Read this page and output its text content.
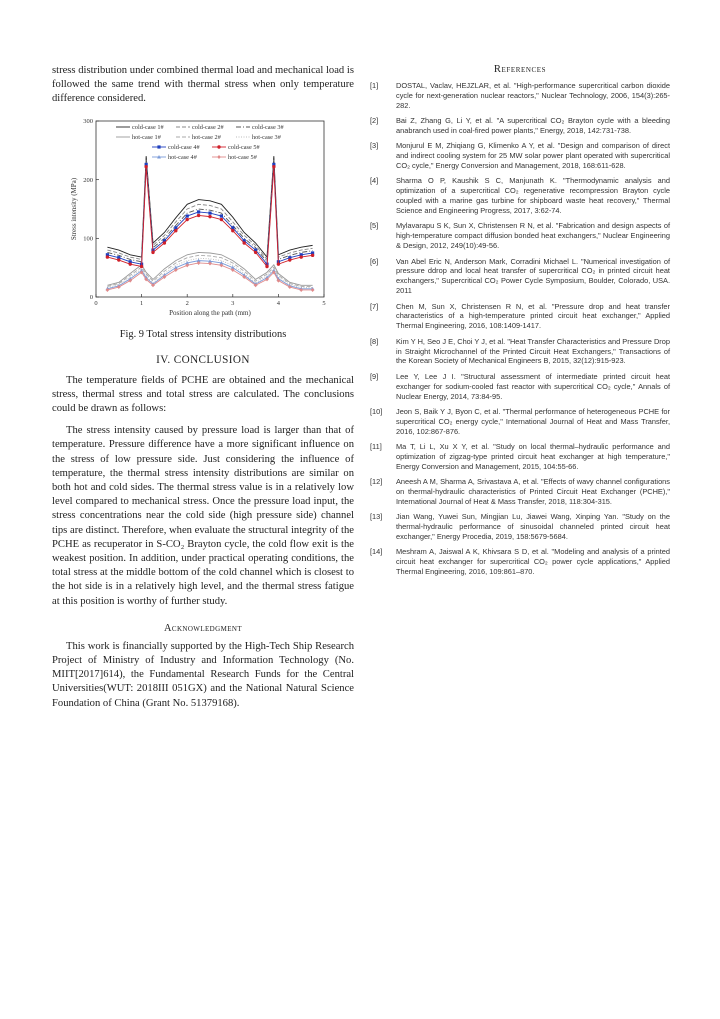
stress distribution under combined thermal load and mechanical load is followed the same trend with thermal stress when only temperature difference considered.

0
100
200
300
0	1	2	3	4	5
Position along the path (mm)
Stress intensity (MPa)
cold-case 1#	cold-case 2#	cold-case 3#
hot-case 1#	hot-case 2#	hot-case 3#
cold-case 4#	cold-case 5#
hot-case 4#	hot-case 5#

Fig. 9 Total stress intensity distributions

IV. CONCLUSION

The temperature fields of PCHE are obtained and the mechanical stress, thermal stress and total stress are calculated. The conclusions could be drawn as follows:

The stress intensity caused by pressure load is larger than that of temperature. Pressure difference have a more significant influence on the stress of low pressure side. Just considering the influence of temperature, the thermal stress intensity distributions are similar on both hot and cold sides. The thermal stress value is in a relatively low level compared to mechanical stress. Once the pressure load input, the stress concentrations near the cold side (high pressure side) channel tips are distinct. Therefore, when evaluate the structural integrity of the PCHE as recuperator in S-CO₂ Brayton cycle, the cold flow exit is the weakest position. In addition, under practical operating conditions, the total stress at the middle bottom of the cold channel which is closest to the hot side is in a relatively high level, and the thermal stress fatigue at this position is worthy of further study.

Acknowledgment

This work is financially supported by the High-Tech Ship Research Project of Ministry of Industry and Information Technology (No. MIIT[2017]614), the Fundamental Research Funds for the Central Universities(WUT: 2018III 051GX) and the National Natural Science Foundation of China (Grant No. 51379168).

References

[1] DOSTAL, Vaclav, HEJZLAR, et al. "High-performance supercritical carbon dioxide cycle for next-generation nuclear reactors," Nuclear Technology, 2006, 154(3):265-282.
[2] Bai Z, Zhang G, Li Y, et al. "A supercritical CO₂ Brayton cycle with a bleeding anabranch used in coal-fired power plants," Energy, 2018, 142:731-738.
[3] Monjurul E M, Zhiqiang G, Klimenko A Y, et al. "Design and comparison of direct and indirect cooling system for 25 MW solar power plant operated with supercritical CO₂ cycle," Energy Conversion and Management, 2018, 168:611-628.
[4] Sharma O P, Kaushik S C, Manjunath K. "Thermodynamic analysis and optimization of a supercritical CO₂ regenerative recompression Brayton cycle coupled with a marine gas turbine for shipboard waste heat recovery," Thermal Science and Engineering Progress, 2017, 3:62-74.
[5] Mylavarapu S K, Sun X, Christensen R N, et al. "Fabrication and design aspects of high-temperature compact diffusion bonded heat exchangers," Nuclear Engineering & Design, 2012, 249(10):49-56.
[6] Van Abel Eric N, Anderson Mark, Corradini Michael L. "Numerical investigation of pressure ddrop and local heat transfer of supercritical CO₂ in printed circuit heat exchangers," Supercritical CO₂ Power Cycle Symposium, Boulder, Colorado, USA. 2011
[7] Chen M, Sun X, Christensen R N, et al. "Pressure drop and heat transfer characteristics of a high-temperature printed circuit heat exchanger," Applied Thermal Engineering, 2016, 108:1409-1417.
[8] Kim Y H, Seo J E, Choi Y J, et al. "Heat Transfer Characteristics and Pressure Drop in Straight Microchannel of the Printed Circuit Heat Exchangers," Transactions of the Korean Society of Mechanical Engineers B, 2015, 32(12):915-923.
[9] Lee Y, Lee J I. "Structural assessment of intermediate printed circuit heat exchanger for sodium-cooled fast reactor with supercritical CO₂ cycle," Annals of Nuclear Energy, 2014, 73:84-95.
[10] Jeon S, Baik Y J, Byon C, et al. "Thermal performance of heterogeneous PCHE for supercritical CO₂ energy cycle," International Journal of Heat and Mass Transfer, 2016, 102:867-876.
[11] Ma T, Li L, Xu X Y, et al. "Study on local thermal–hydraulic performance and optimization of zigzag-type printed circuit heat exchanger at high temperature," Energy Conversion and Management, 2015, 104:55-66.
[12] Aneesh A M, Sharma A, Srivastava A, et al. "Effects of wavy channel configurations on thermal-hydraulic characteristics of Printed Circuit Heat Exchanger (PCHE)," International Journal of Heat & Mass Transfer, 2018, 118:304-315.
[13] Jian Wang, Yuwei Sun, Mingjian Lu, Jiawei Wang, Xinping Yan. "Study on the thermal-hydraulic performance of sinusoidal channeled printed circuit heat exchanger," Energy Procedia, 2019, 158:5679-5684.
[14] Meshram A, Jaiswal A K, Khivsara S D, et al. "Modeling and analysis of a printed circuit heat exchanger for supercritical CO₂ power cycle applications," Applied Thermal Engineering, 2016, 109:861–870.
